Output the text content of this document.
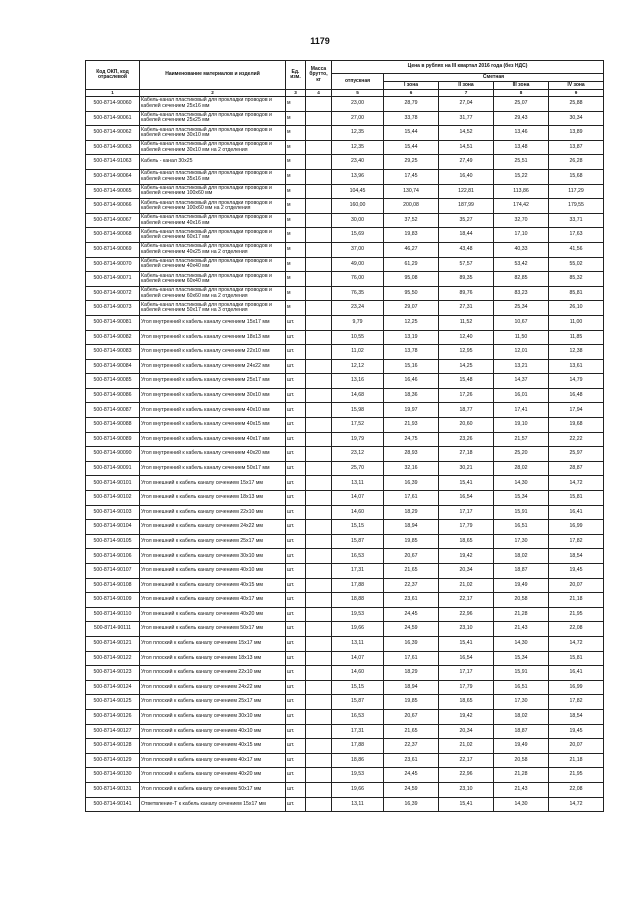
1179
Код ОКП, код отраслевой	Наименование материалов и изделий	Ед. изм.	Масса брутто, кг	Цена в рублях на III квартал 2016 года (без НДС)				
				отпускная	Сметная			
					I зона	II зона	III зона	IV зона
1	2	3	4	5	6	7	8	9
500-8714-90060	Кабель-канал пластиковый для прокладки проводов и кабелей сечением 25х16 мм	м		23,00	28,79	27,04	25,07	25,88
500-8714-90061	Кабель-канал пластиковый для прокладки проводов и кабелей сечением 25х25 мм	м		27,00	33,78	31,77	29,43	30,34
500-8714-90062	Кабель-канал пластиковый для прокладки проводов и кабелей сечением 30х10 мм	м		12,35	15,44	14,52	13,46	13,89
500-8714-90063	Кабель-канал пластиковый для прокладки проводов и кабелей сечением 30х10 мм на 2 отделения	м		12,35	15,44	14,51	13,48	13,87
500-8714-91063	Кабель - канал 30х25	м		23,40	29,25	27,49	25,51	26,28
500-8714-90064	Кабель-канал пластиковый для прокладки проводов и кабелей сечением 35х16 мм	м		13,96	17,45	16,40	15,22	15,68
500-8714-90065	Кабель-канал пластиковый для прокладки проводов и кабелей сечением 100х60 мм	м		104,45	130,74	122,81	113,86	117,29
500-8714-90066	Кабель-канал пластиковый для прокладки проводов и кабелей сечением 100х60 мм на 2 отделения	м		160,00	200,08	187,99	174,42	179,55
500-8714-90067	Кабель-канал пластиковый для прокладки проводов и кабелей сечением 40х16 мм	м		30,00	37,52	35,27	32,70	33,71
500-8714-90068	Кабель-канал пластиковый для прокладки проводов и кабелей сечением 60х17 мм	м		15,69	19,83	18,44	17,10	17,63
500-8714-90069	Кабель-канал пластиковый для прокладки проводов и кабелей сечением 40х25 мм на 2 отделения	м		37,00	46,27	43,48	40,33	41,56
500-8714-90070	Кабель-канал пластиковый для прокладки проводов и кабелей сечением 40х40 мм	м		49,00	61,29	57,57	53,42	55,02
500-8714-90071	Кабель-канал пластиковый для прокладки проводов и кабелей сечением 60х40 мм	м		76,00	95,08	89,35	82,85	85,32
500-8714-90072	Кабель-канал пластиковый для прокладки проводов и кабелей сечением 60х60 мм на 2 отделения	м		76,35	95,50	89,76	83,23	85,81
500-8714-90073	Кабель-канал пластиковый для прокладки проводов и кабелей сечением 50х17 мм на 3 отделения	м		23,24	29,07	27,31	25,34	26,10
500-8714-90081	Угол внутренний к кабель каналу сечением 15х17 мм	шт.		9,79	12,25	11,52	10,67	11,00
500-8714-90082	Угол внутренний к кабель каналу сечением 18х13 мм	шт.		10,55	13,19	12,40	11,50	11,85
500-8714-90083	Угол внутренний к кабель каналу сечением 22х10 мм	шт.		11,02	13,78	12,95	12,01	12,38
500-8714-90084	Угол внутренний к кабель каналу сечением 24х22 мм	шт.		12,12	15,16	14,25	13,21	13,61
500-8714-90085	Угол внутренний к кабель каналу сечением 25х17 мм	шт.		13,16	16,46	15,48	14,37	14,79
500-8714-90086	Угол внутренний к кабель каналу сечением 30х10 мм	шт.		14,68	18,36	17,26	16,01	16,48
500-8714-90087	Угол внутренний к кабель каналу сечением 40х10 мм	шт.		15,98	19,97	18,77	17,41	17,94
500-8714-90088	Угол внутренний к кабель каналу сечением 40х15 мм	шт.		17,52	21,93	20,60	19,10	19,68
500-8714-90089	Угол внутренний к кабель каналу сечением 40х17 мм	шт.		19,79	24,75	23,26	21,57	22,22
500-8714-90090	Угол внутренний к кабель каналу сечением 40х20 мм	шт.		23,12	28,93	27,18	25,20	25,97
500-8714-90091	Угол внутренний к кабель каналу сечением 50х17 мм	шт.		25,70	32,16	30,21	28,02	28,87
500-8714-90101	Угол внешний к кабель каналу сечением 15х17 мм	шт.		13,11	16,39	15,41	14,30	14,72
500-8714-90102	Угол внешний к кабель каналу сечением 18х13 мм	шт.		14,07	17,61	16,54	15,34	15,81
500-8714-90103	Угол внешний к кабель каналу сечением 22х10 мм	шт.		14,60	18,29	17,17	15,91	16,41
500-8714-90104	Угол внешний к кабель каналу сечением 24х22 мм	шт.		15,15	18,94	17,79	16,51	16,99
500-8714-90105	Угол внешний к кабель каналу сечением 25х17 мм	шт.		15,87	19,85	18,65	17,30	17,82
500-8714-90106	Угол внешний к кабель каналу сечением 30х10 мм	шт.		16,53	20,67	19,42	18,02	18,54
500-8714-90107	Угол внешний к кабель каналу сечением 40х10 мм	шт.		17,31	21,65	20,34	18,87	19,45
500-8714-90108	Угол внешний к кабель каналу сечением 40х15 мм	шт.		17,88	22,37	21,02	19,49	20,07
500-8714-90109	Угол внешний к кабель каналу сечением 40х17 мм	шт.		18,88	23,61	22,17	20,58	21,18
500-8714-90110	Угол внешний к кабель каналу сечением 40х20 мм	шт.		19,53	24,45	22,96	21,28	21,95
500-8714-90111	Угол внешний к кабель каналу сечением 50х17 мм	шт.		19,66	24,59	23,10	21,43	22,08
500-8714-90121	Угол плоский к кабель каналу сечением 15х17 мм	шт.		13,11	16,39	15,41	14,30	14,72
500-8714-90122	Угол плоский к кабель каналу сечением 18х13 мм	шт.		14,07	17,61	16,54	15,34	15,81
500-8714-90123	Угол плоский к кабель каналу сечением 22х10 мм	шт.		14,60	18,29	17,17	15,91	16,41
500-8714-90124	Угол плоский к кабель каналу сечением 24х22 мм	шт.		15,15	18,94	17,79	16,51	16,99
500-8714-90125	Угол плоский к кабель каналу сечением 25х17 мм	шт.		15,87	19,85	18,65	17,30	17,82
500-8714-90126	Угол плоский к кабель каналу сечением 30х10 мм	шт.		16,53	20,67	19,42	18,02	18,54
500-8714-90127	Угол плоский к кабель каналу сечением 40х10 мм	шт.		17,31	21,65	20,34	18,87	19,45
500-8714-90128	Угол плоский к кабель каналу сечением 40х15 мм	шт.		17,88	22,37	21,02	19,49	20,07
500-8714-90129	Угол плоский к кабель каналу сечением 40х17 мм	шт.		18,86	23,61	22,17	20,58	21,18
500-8714-90130	Угол плоский к кабель каналу сечением 40х20 мм	шт.		19,53	24,45	22,96	21,28	21,95
500-8714-90131	Угол плоский к кабель каналу сечением 50х17 мм	шт.		19,66	24,59	23,10	21,43	22,08
500-8714-90141	Ответвление-Т к кабель каналу сечением 15х17 мм	шт.		13,11	16,39	15,41	14,30	14,72
